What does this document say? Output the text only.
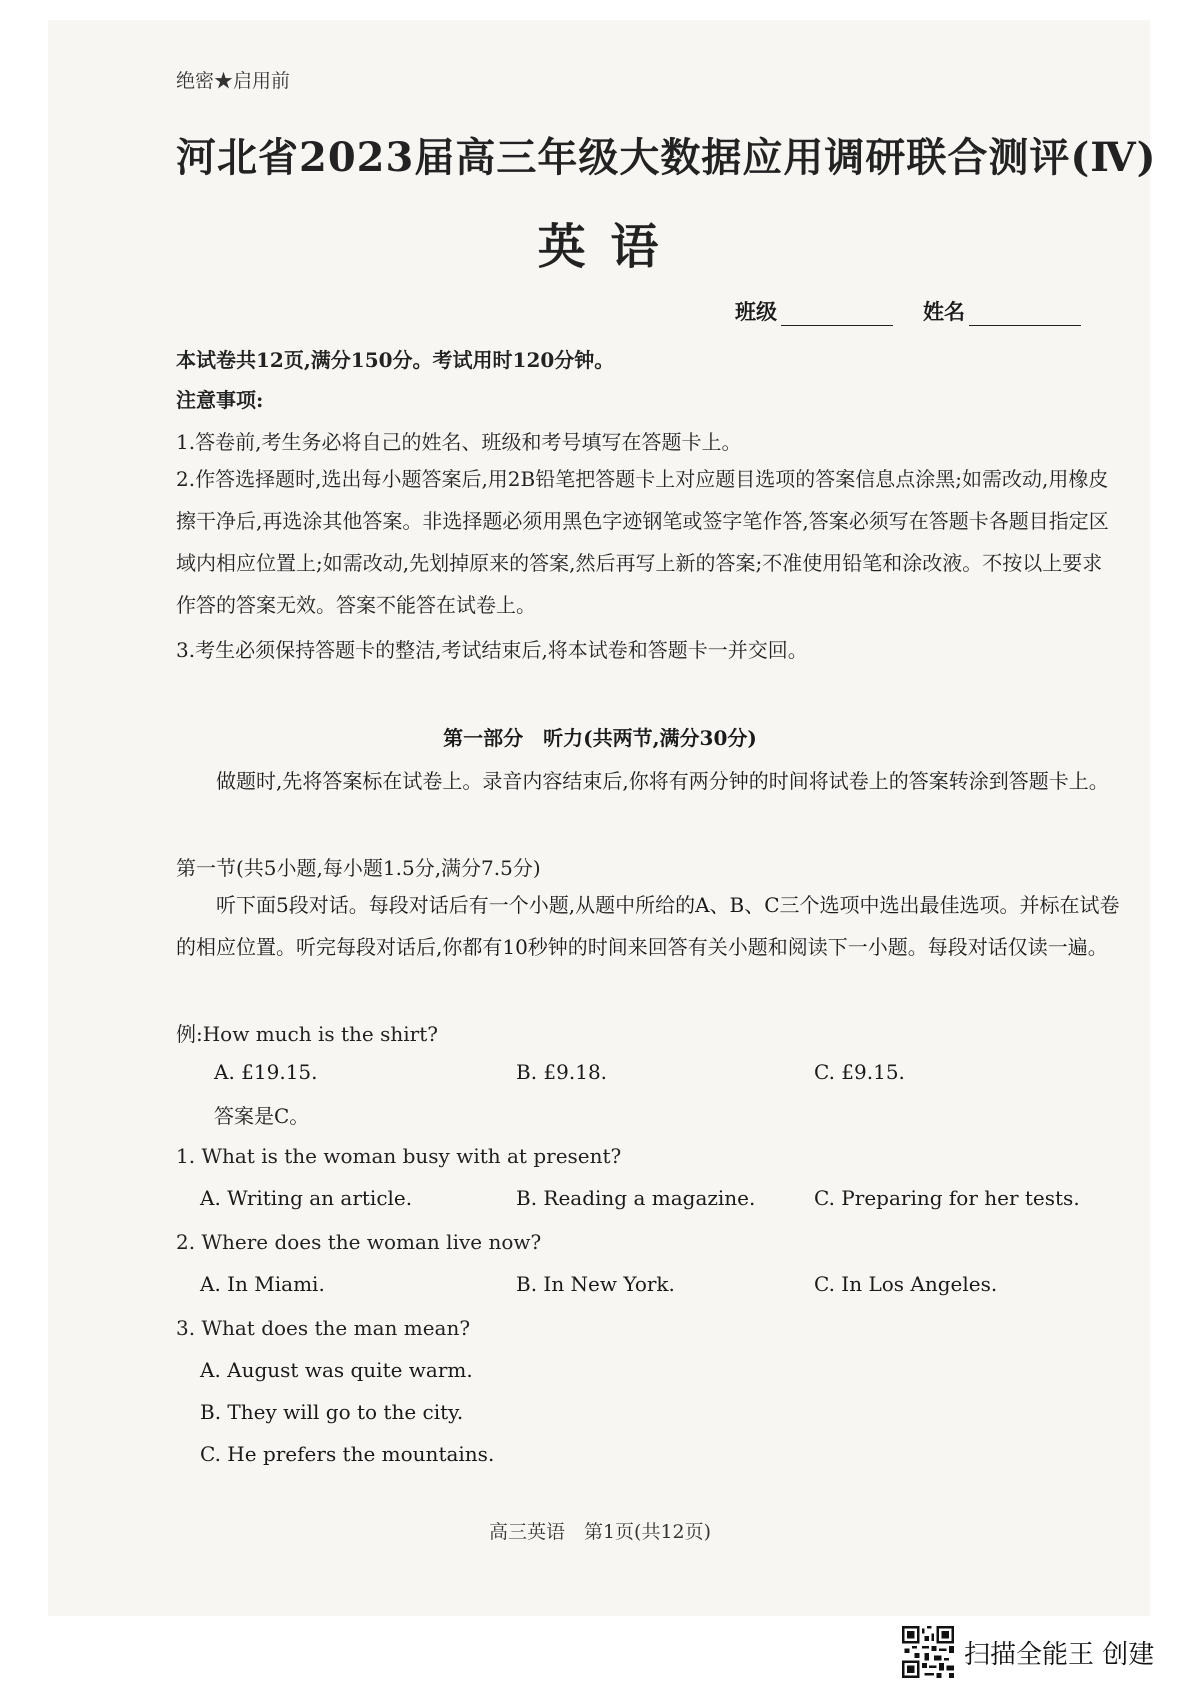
绝密★启用前
河北省2023届高三年级大数据应用调研联合测评(Ⅳ)
英 语
班级	姓名
本试卷共12页,满分150分。考试用时120分钟。
注意事项:
1.答卷前,考生务必将自己的姓名、班级和考号填写在答题卡上。
2.作答选择题时,选出每小题答案后,用2B铅笔把答题卡上对应题目选项的答案信息点涂黑;如需改动,用橡皮擦干净后,再选涂其他答案。非选择题必须用黑色字迹钢笔或签字笔作答,答案必须写在答题卡各题目指定区域内相应位置上;如需改动,先划掉原来的答案,然后再写上新的答案;不准使用铅笔和涂改液。不按以上要求作答的答案无效。答案不能答在试卷上。
3.考生必须保持答题卡的整洁,考试结束后,将本试卷和答题卡一并交回。
第一部分　听力(共两节,满分30分)
做题时,先将答案标在试卷上。录音内容结束后,你将有两分钟的时间将试卷上的答案转涂到答题卡上。
第一节(共5小题,每小题1.5分,满分7.5分)
听下面5段对话。每段对话后有一个小题,从题中所给的A、B、C三个选项中选出最佳选项。并标在试卷的相应位置。听完每段对话后,你都有10秒钟的时间来回答有关小题和阅读下一小题。每段对话仅读一遍。
例:How much is the shirt?
A. £19.15.	B. £9.18.	C. £9.15.
答案是C。
1. What is the woman busy with at present?
A. Writing an article.	B. Reading a magazine.	C. Preparing for her tests.
2. Where does the woman live now?
A. In Miami.	B. In New York.	C. In Los Angeles.
3. What does the man mean?
A. August was quite warm.
B. They will go to the city.
C. He prefers the mountains.
高三英语　第1页(共12页)
扫描全能王 创建
